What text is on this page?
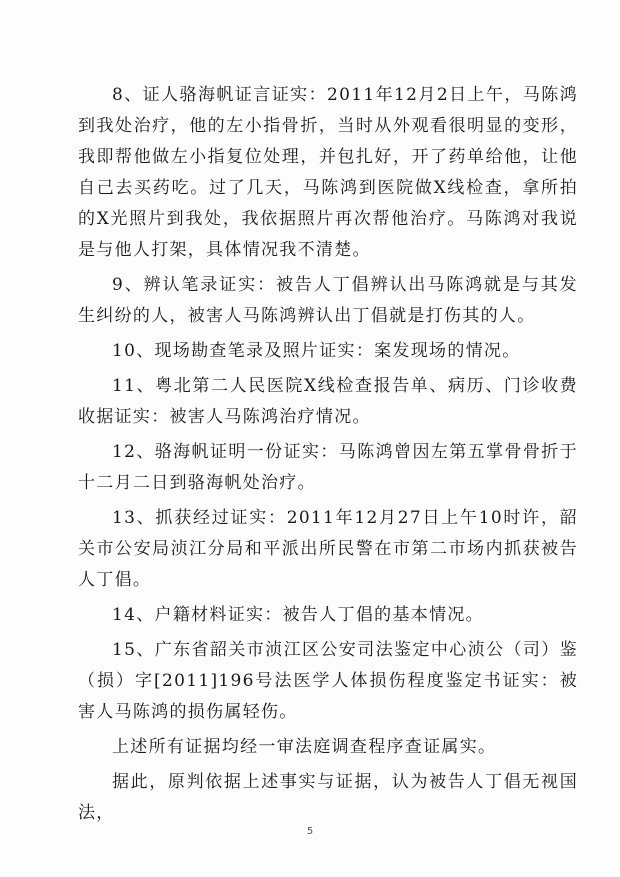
8、证人骆海帆证言证实：2011年12月2日上午，马陈鸿到我处治疗，他的左小指骨折，当时从外观看很明显的变形，我即帮他做左小指复位处理，并包扎好，开了药单给他，让他自己去买药吃。过了几天，马陈鸿到医院做X线检查，拿所拍的X光照片到我处，我依据照片再次帮他治疗。马陈鸿对我说是与他人打架，具体情况我不清楚。

9、辨认笔录证实：被告人丁倡辨认出马陈鸿就是与其发生纠纷的人，被害人马陈鸿辨认出丁倡就是打伤其的人。

10、现场勘查笔录及照片证实：案发现场的情况。

11、粤北第二人民医院X线检查报告单、病历、门诊收费收据证实：被害人马陈鸿治疗情况。

12、骆海帆证明一份证实：马陈鸿曾因左第五掌骨骨折于十二月二日到骆海帆处治疗。

13、抓获经过证实：2011年12月27日上午10时许，韶关市公安局浈江分局和平派出所民警在市第二市场内抓获被告人丁倡。

14、户籍材料证实：被告人丁倡的基本情况。

15、广东省韶关市浈江区公安司法鉴定中心浈公（司）鉴（损）字[2011]196号法医学人体损伤程度鉴定书证实：被害人马陈鸿的损伤属轻伤。

上述所有证据均经一审法庭调查程序查证属实。

据此，原判依据上述事实与证据，认为被告人丁倡无视国法，

5
